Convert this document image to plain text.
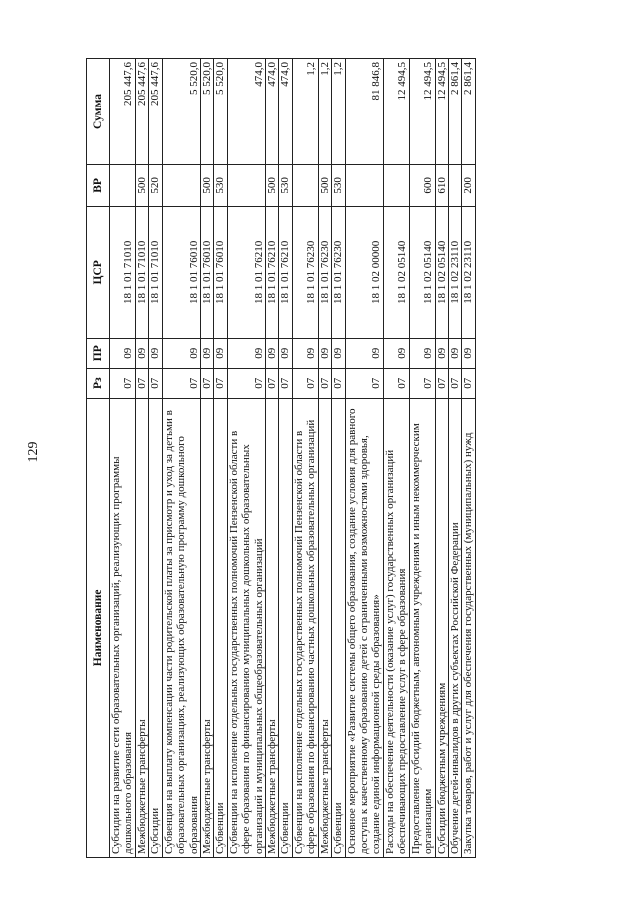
129
Наименование	Рз	ПР	ЦСР	ВР	Сумма
Субсидии на развитие сети образовательных организаций, реализующих программы дошкольного образования	07	09	18 1 01 71010		205 447,6
Межбюджетные трансферты	07	09	18 1 01 71010	500	205 447,6
Субсидии	07	09	18 1 01 71010	520	205 447,6
Субвенция на выплату компенсации части родительской платы за присмотр и уход за детьми в образовательных организациях, реализующих образовательную программу дошкольного образования	07	09	18 1 01 76010		5 520,0
Межбюджетные трансферты	07	09	18 1 01 76010	500	5 520,0
Субвенции	07	09	18 1 01 76010	530	5 520,0
Субвенции на исполнение отдельных государственных полномочий Пензенской области в сфере образования по финансированию муниципальных дошкольных образовательных организаций и муниципальных общеобразовательных организаций	07	09	18 1 01 76210		474,0
Межбюджетные трансферты	07	09	18 1 01 76210	500	474,0
Субвенции	07	09	18 1 01 76210	530	474,0
Субвенции на исполнение отдельных государственных полномочий Пензенской области в сфере образования по финансированию частных дошкольных образовательных организаций	07	09	18 1 01 76230		1,2
Межбюджетные трансферты	07	09	18 1 01 76230	500	1,2
Субвенции	07	09	18 1 01 76230	530	1,2
Основное мероприятие «Развитие системы общего образования, создание условия для равного доступа к качественному образованию детей с ограниченными возможностями здоровья, создание единой информационной среды образования»	07	09	18 1 02 00000		81 846,8
Расходы на обеспечение деятельности (оказание услуг) государственных организаций обеспечивающих предоставление услуг в сфере образования	07	09	18 1 02 05140		12 494,5
Предоставление субсидий бюджетным, автономным учреждениям и иным некоммерческим организациям	07	09	18 1 02 05140	600	12 494,5
Субсидии бюджетным учреждениям	07	09	18 1 02 05140	610	12 494,5
Обучение детей-инвалидов в других субъектах Российской Федерации	07	09	18 1 02 23110		2 861,4
Закупка товаров, работ и услуг для обеспечения государственных (муниципальных) нужд	07	09	18 1 02 23110	200	2 861,4
